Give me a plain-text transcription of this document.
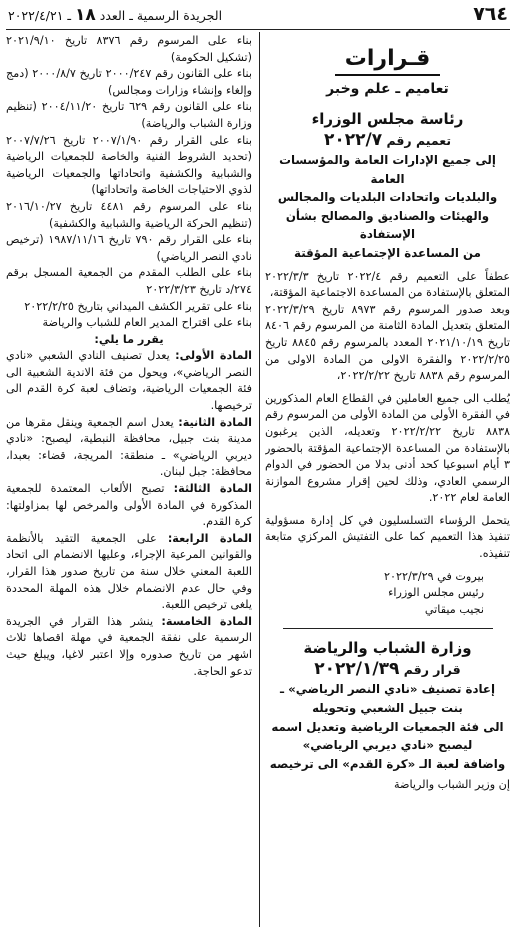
٧٦٤
الجريدة الرسمية ـ العدد ١٨ ـ ٢٠٢٢/٤/٢١
قـرارات
تعاميم ـ علم وخبر
رئاسة مجلس الوزراء
تعميم رقم ٢٠٢٢/٧

إلى جميع الإدارات العامة والمؤسسات العامة

والبلديات واتحادات البلديات والمجالس

والهيئات والصناديق والمصالح بشأن الإستفادة

من المساعدة الإجتماعية المؤقتة

عطفاً على التعميم رقم ٢٠٢٢/٤ تاريخ ٢٠٢٢/٣/٣ المتعلق بالإستفادة من المساعدة الاجتماعية المؤقتة،

وبعد صدور المرسوم رقم ٨٩٧٣ تاريخ ٢٠٢٢/٣/٢٩ المتعلق بتعديل المادة الثامنة من المرسوم رقم ٨٤٠٦ تاريخ ٢٠٢١/١٠/١٩ المعدد بالمرسوم رقم ٨٨٤٥ تاريخ ٢٠٢٢/٢/٢٥ والفقرة الاولى من المادة الاولى من المرسوم رقم ٨٨٣٨ تاريخ ٢٠٢٢/٢/٢٢،

يُطلب الى جميع العاملين في القطاع العام المذكورين في الفقرة الأولى من المادة الأولى من المرسوم رقم ٨٨٣٨ تاريخ ٢٠٢٢/٢/٢٢ وتعديله، الذين يرغبون بالإستفادة من المساعدة الإجتماعية المؤقتة بالحضور ٣ أيام اسبوعيا كحد أدنى بدلا من الحضور في الدوام الرسمي العادي، وذلك لحين إقرار مشروع الموازنة العامة لعام ٢٠٢٢.

يتحمل الرؤساء التسلسليون في كل إدارة مسؤولية تنفيذ هذا التعميم كما على التفتيش المركزي متابعة تنفيذه.

بيروت في ٢٠٢٢/٣/٢٩

رئيس مجلس الوزراء

نجيب ميقاتي

وزارة الشباب والرياضة
قرار رقم ٢٠٢٢/١/٣٩

إعادة تصنيف «نادي النصر الرياضي» ـ

بنت جبيل الشعبي وتحويله

الى فئة الجمعيات الرياضية وتعديل اسمه

ليصبح «نادي ديربي الرياضي»

واضافة لعبة الـ «كرة القدم» الى ترخيصه

إن وزير الشباب والرياضة

بناء على المرسوم رقم ٨٣٧٦ تاريخ ٢٠٢١/٩/١٠ (تشكيل الحكومة)

بناء على القانون رقم ٢٠٠٠/٢٤٧ تاريخ ٢٠٠٠/٨/٧ (دمج وإلغاء وإنشاء وزارات ومجالس)

بناء على القانون رقم ٦٢٩ تاريخ ٢٠٠٤/١١/٢٠ (تنظيم وزارة الشباب والرياضة)

بناء على القرار رقم ٢٠٠٧/١/٩٠ تاريخ ٢٠٠٧/٧/٢٦ (تحديد الشروط الفنية والخاصة للجمعيات الرياضية والشبابية والكشفية واتحاداتها والجمعيات الرياضية لذوي الاحتياجات الخاصة واتحاداتها)

بناء على المرسوم رقم ٤٤٨١ تاريخ ٢٠١٦/١٠/٢٧ (تنظيم الحركة الرياضية والشبابية والكشفية)

بناء على القرار رقم ٧٩٠ تاريخ ١٩٨٧/١١/١٦ (ترخيص نادي النصر الرياضي)

بناء على الطلب المقدم من الجمعية المسجل برقم ٢٧٤/د تاريخ ٢٠٢٢/٣/٢٣

بناء على تقرير الكشف الميداني بتاريخ ٢٠٢٢/٢/٢٥

بناء على اقتراح المدير العام للشباب والرياضة

يقرر ما يلي:

المادة الأولى: يعدل تصنيف النادي الشعبي «نادي النصر الرياضي»، ويحول من فئة الاندية الشعبية الى فئة الجمعيات الرياضية، وتضاف لعبة كرة القدم الى ترخيصها.

المادة الثانية: يعدل اسم الجمعية وينقل مقرها من مدينة بنت جبيل، محافظة النبطية، ليصبح: «نادي ديربي الرياضي» ـ منطقة: المريجة، قضاء: بعبدا، محافظة: جبل لبنان.

المادة الثالثة: تصبح الألعاب المعتمدة للجمعية المذكورة في المادة الأولى والمرخص لها بمزاولتها: كرة القدم.

المادة الرابعة: على الجمعية التقيد بالأنظمة والقوانين المرعية الإجراء، وعليها الانضمام الى اتحاد اللعبة المعني خلال سنة من تاريخ صدور هذا القرار، وفي حال عدم الانضمام خلال هذه المهلة المحددة يلغى ترخيص اللعبة.

المادة الخامسة: ينشر هذا القرار في الجريدة الرسمية على نفقة الجمعية في مهلة اقصاها ثلاث اشهر من تاريخ صدوره وإلا اعتبر لاغيا، ويبلغ حيث تدعو الحاجة.
